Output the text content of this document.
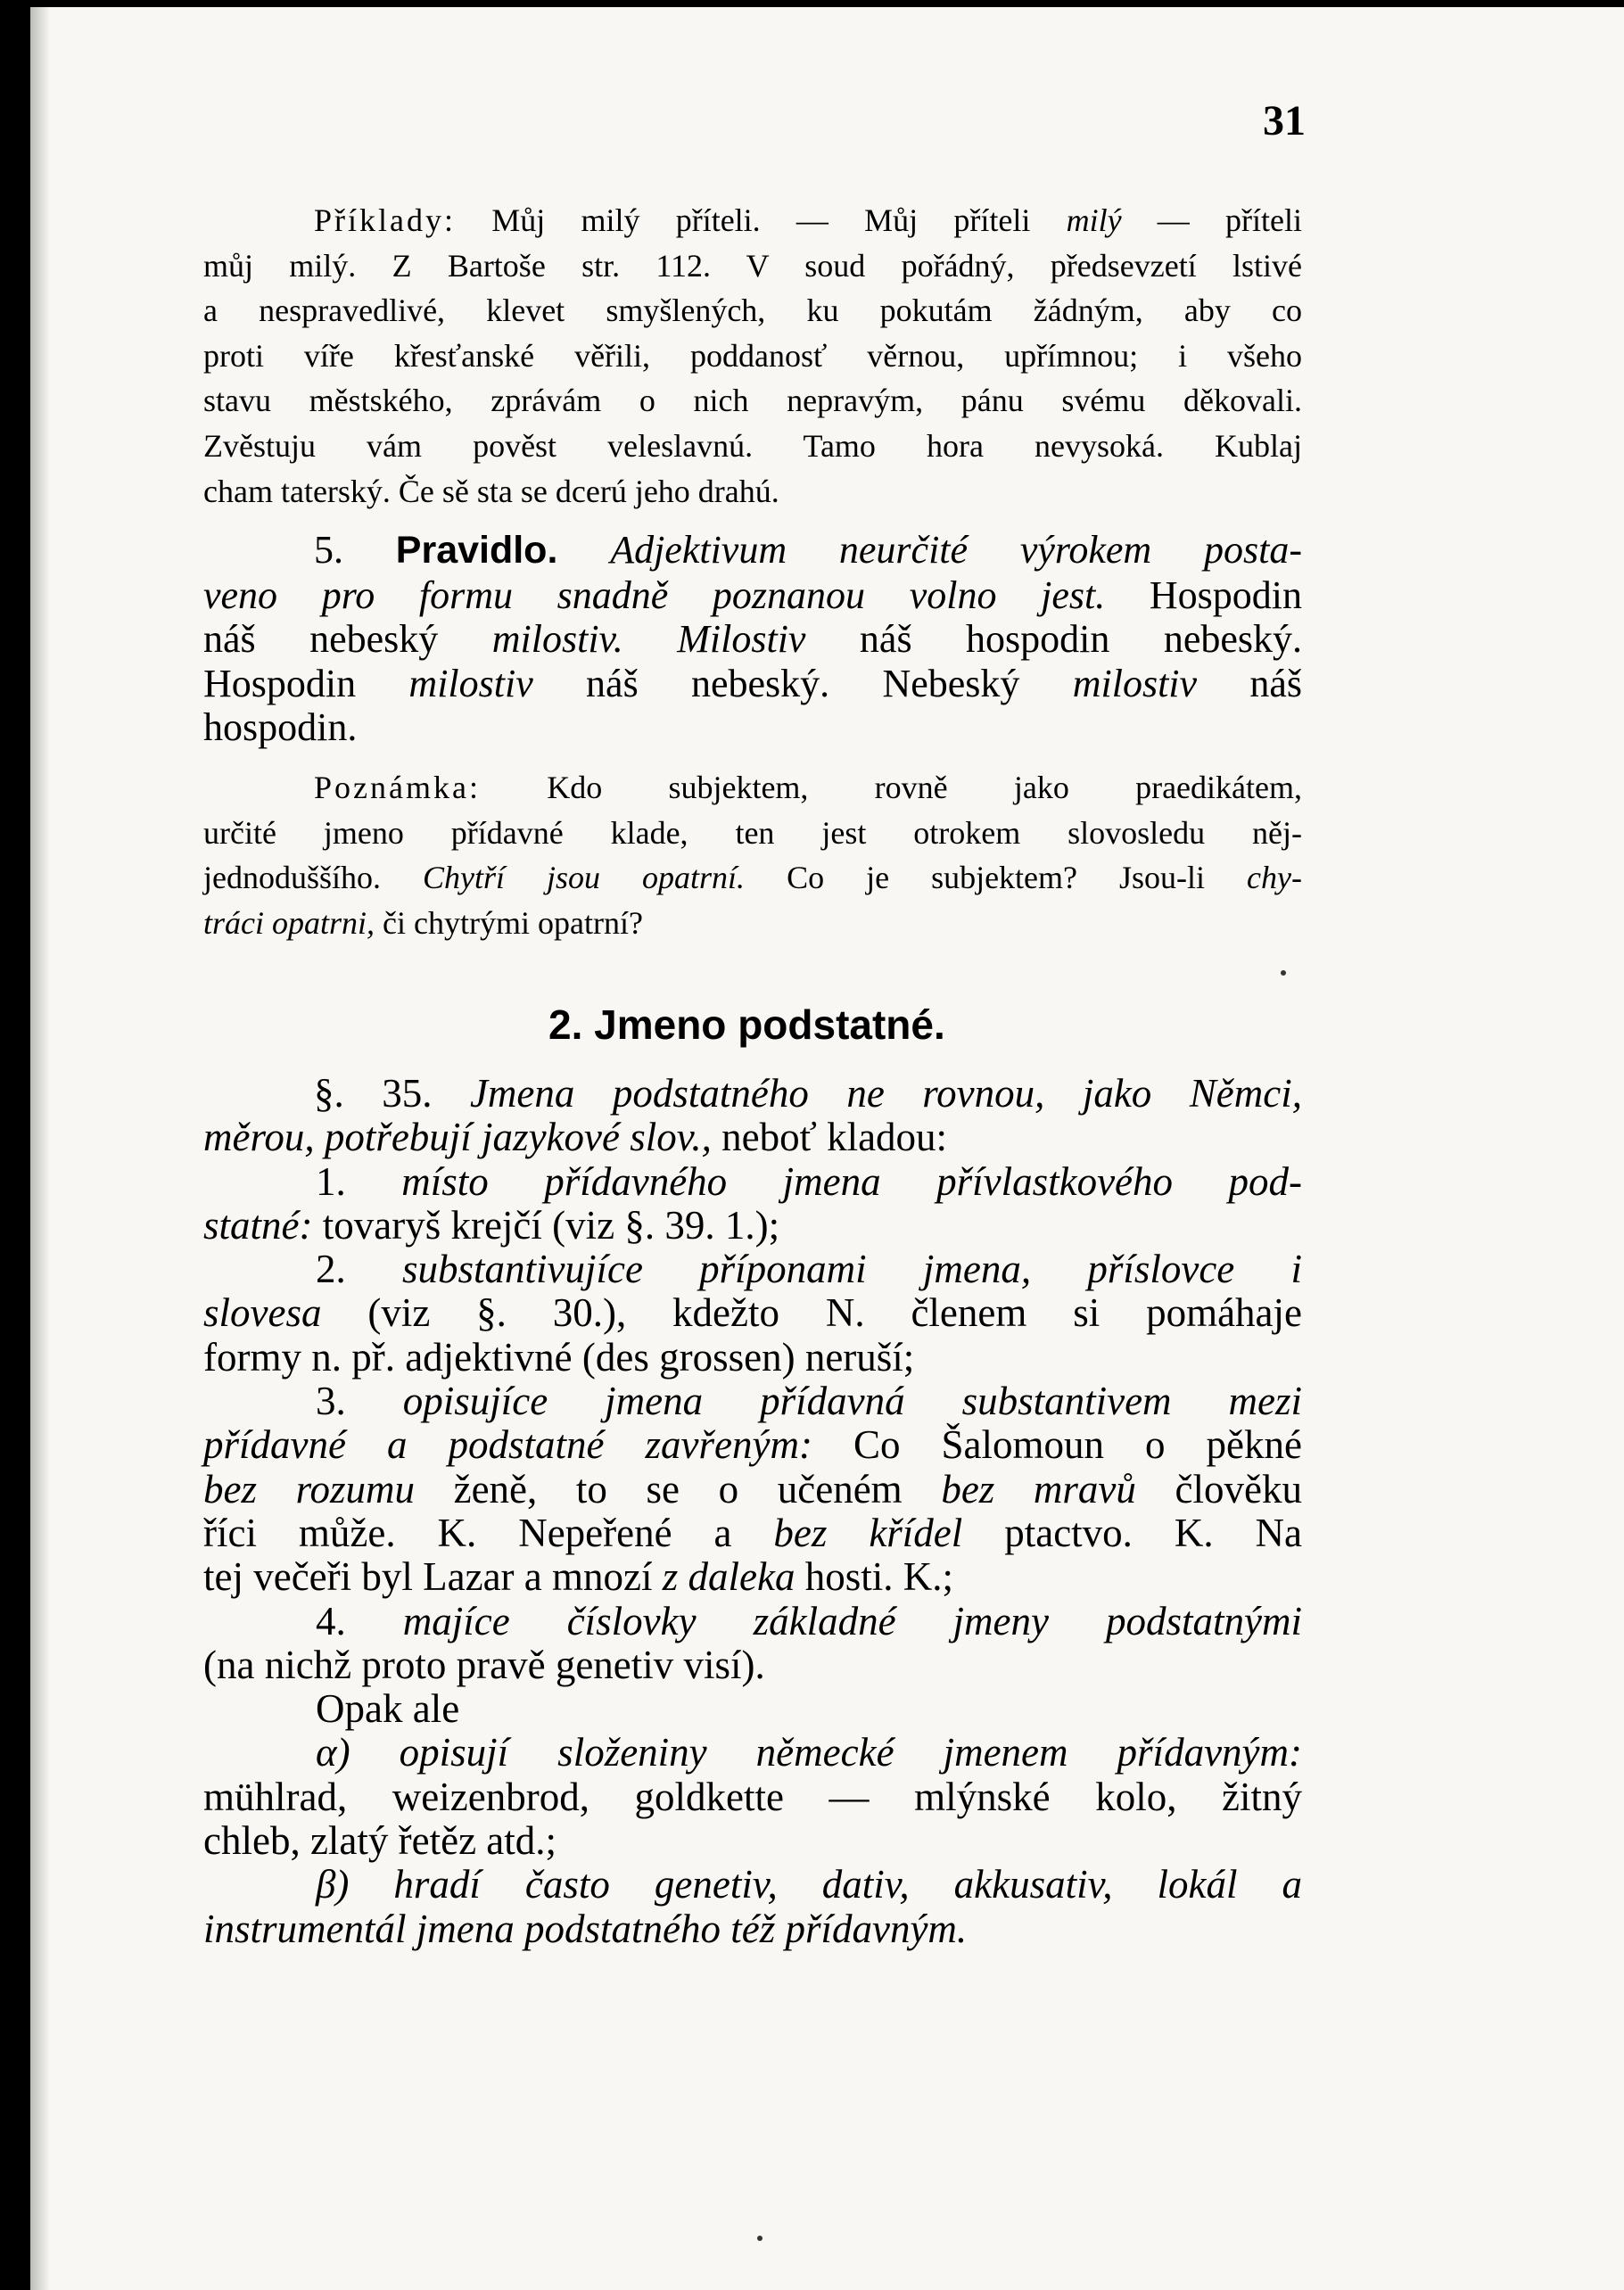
31
Příklady: Můj milý příteli. — Můj příteli milý — příteli
můj milý. Z Bartoše str. 112. V soud pořádný, předsevzetí lstivé
a nespravedlivé, klevet smyšlených, ku pokutám žádným, aby co
proti víře křesťanské věřili, poddanosť věrnou, upřímnou; i všeho
stavu městského, zprávám o nich nepravým, pánu svému děkovali.
Zvěstuju vám pověst veleslavnú. Tamo hora nevysoká. Kublaj
cham taterský. Če sě sta se dcerú jeho drahú.
5. Pravidlo. Adjektivum neurčité výrokem posta-
veno pro formu snadně poznanou volno jest. Hospodin
náš nebeský milostiv. Milostiv náš hospodin nebeský.
Hospodin milostiv náš nebeský. Nebeský milostiv náš
hospodin.
Poznámka: Kdo subjektem, rovně jako praedikátem,
určité jmeno přídavné klade, ten jest otrokem slovosledu něj-
jednoduššího. Chytří jsou opatrní. Co je subjektem? Jsou-li chy-
tráci opatrni, či chytrými opatrní?
2. Jmeno podstatné.
§. 35. Jmena podstatného ne rovnou, jako Němci,
měrou, potřebují jazykové slov., neboť kladou:
1. místo přídavného jmena přívlastkového pod-
statné: tovaryš krejčí (viz §. 39. 1.);
2. substantivujíce příponami jmena, příslovce i
slovesa (viz §. 30.), kdežto N. členem si pomáhaje
formy n. př. adjektivné (des grossen) neruší;
3. opisujíce jmena přídavná substantivem mezi
přídavné a podstatné zavřeným: Co Šalomoun o pěkné
bez rozumu ženě, to se o učeném bez mravů člověku
říci může. K. Nepeřené a bez křídel ptactvo. K. Na
tej večeři byl Lazar a mnozí z daleka hosti. K.;
4. majíce číslovky základné jmeny podstatnými
(na nichž proto pravě genetiv visí).
Opak ale
α) opisují složeniny německé jmenem přídavným:
mühlrad, weizenbrod, goldkette — mlýnské kolo, žitný
chleb, zlatý řetěz atd.;
β) hradí často genetiv, dativ, akkusativ, lokál a
instrumentál jmena podstatného též přídavným.
